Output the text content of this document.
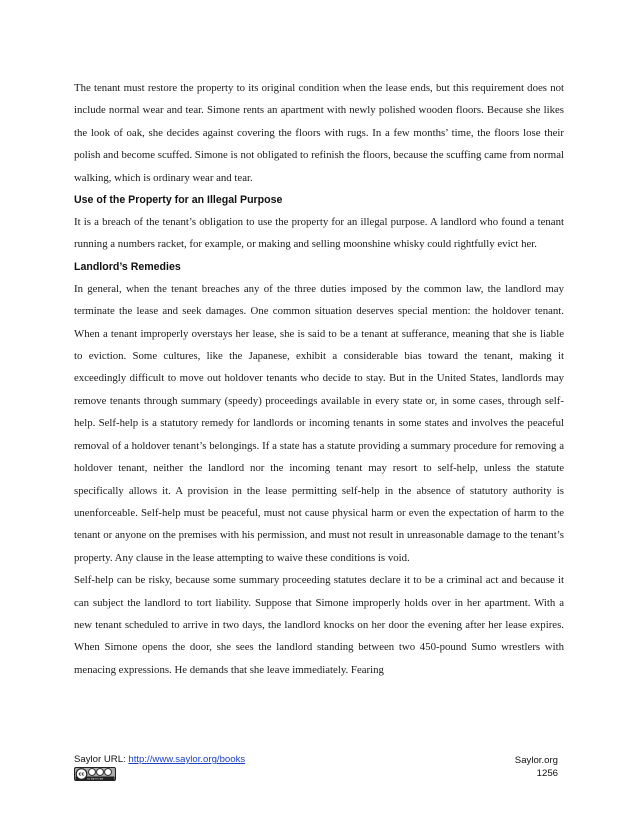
The tenant must restore the property to its original condition when the lease ends, but this requirement does not include normal wear and tear. Simone rents an apartment with newly polished wooden floors. Because she likes the look of oak, she decides against covering the floors with rugs. In a few months’ time, the floors lose their polish and become scuffed. Simone is not obligated to refinish the floors, because the scuffing came from normal walking, which is ordinary wear and tear.

Use of the Property for an Illegal Purpose

It is a breach of the tenant’s obligation to use the property for an illegal purpose. A landlord who found a tenant running a numbers racket, for example, or making and selling moonshine whisky could rightfully evict her.

Landlord’s Remedies

In general, when the tenant breaches any of the three duties imposed by the common law, the landlord may terminate the lease and seek damages. One common situation deserves special mention: the holdover tenant. When a tenant improperly overstays her lease, she is said to be a tenant at sufferance, meaning that she is liable to eviction. Some cultures, like the Japanese, exhibit a considerable bias toward the tenant, making it exceedingly difficult to move out holdover tenants who decide to stay. But in the United States, landlords may remove tenants through summary (speedy) proceedings available in every state or, in some cases, through self-help. Self-help is a statutory remedy for landlords or incoming tenants in some states and involves the peaceful removal of a holdover tenant’s belongings. If a state has a statute providing a summary procedure for removing a holdover tenant, neither the landlord nor the incoming tenant may resort to self-help, unless the statute specifically allows it. A provision in the lease permitting self-help in the absence of statutory authority is unenforceable. Self-help must be peaceful, must not cause physical harm or even the expectation of harm to the tenant or anyone on the premises with his permission, and must not result in unreasonable damage to the tenant’s property. Any clause in the lease attempting to waive these conditions is void.

Self-help can be risky, because some summary proceeding statutes declare it to be a criminal act and because it can subject the landlord to tort liability. Suppose that Simone improperly holds over in her apartment. With a new tenant scheduled to arrive in two days, the landlord knocks on her door the evening after her lease expires. When Simone opens the door, she sees the landlord standing between two 450-pound Sumo wrestlers with menacing expressions. He demands that she leave immediately. Fearing

Saylor URL: http://www.saylor.org/books
cc
cc by-nc-sa
Saylor.org
1256
